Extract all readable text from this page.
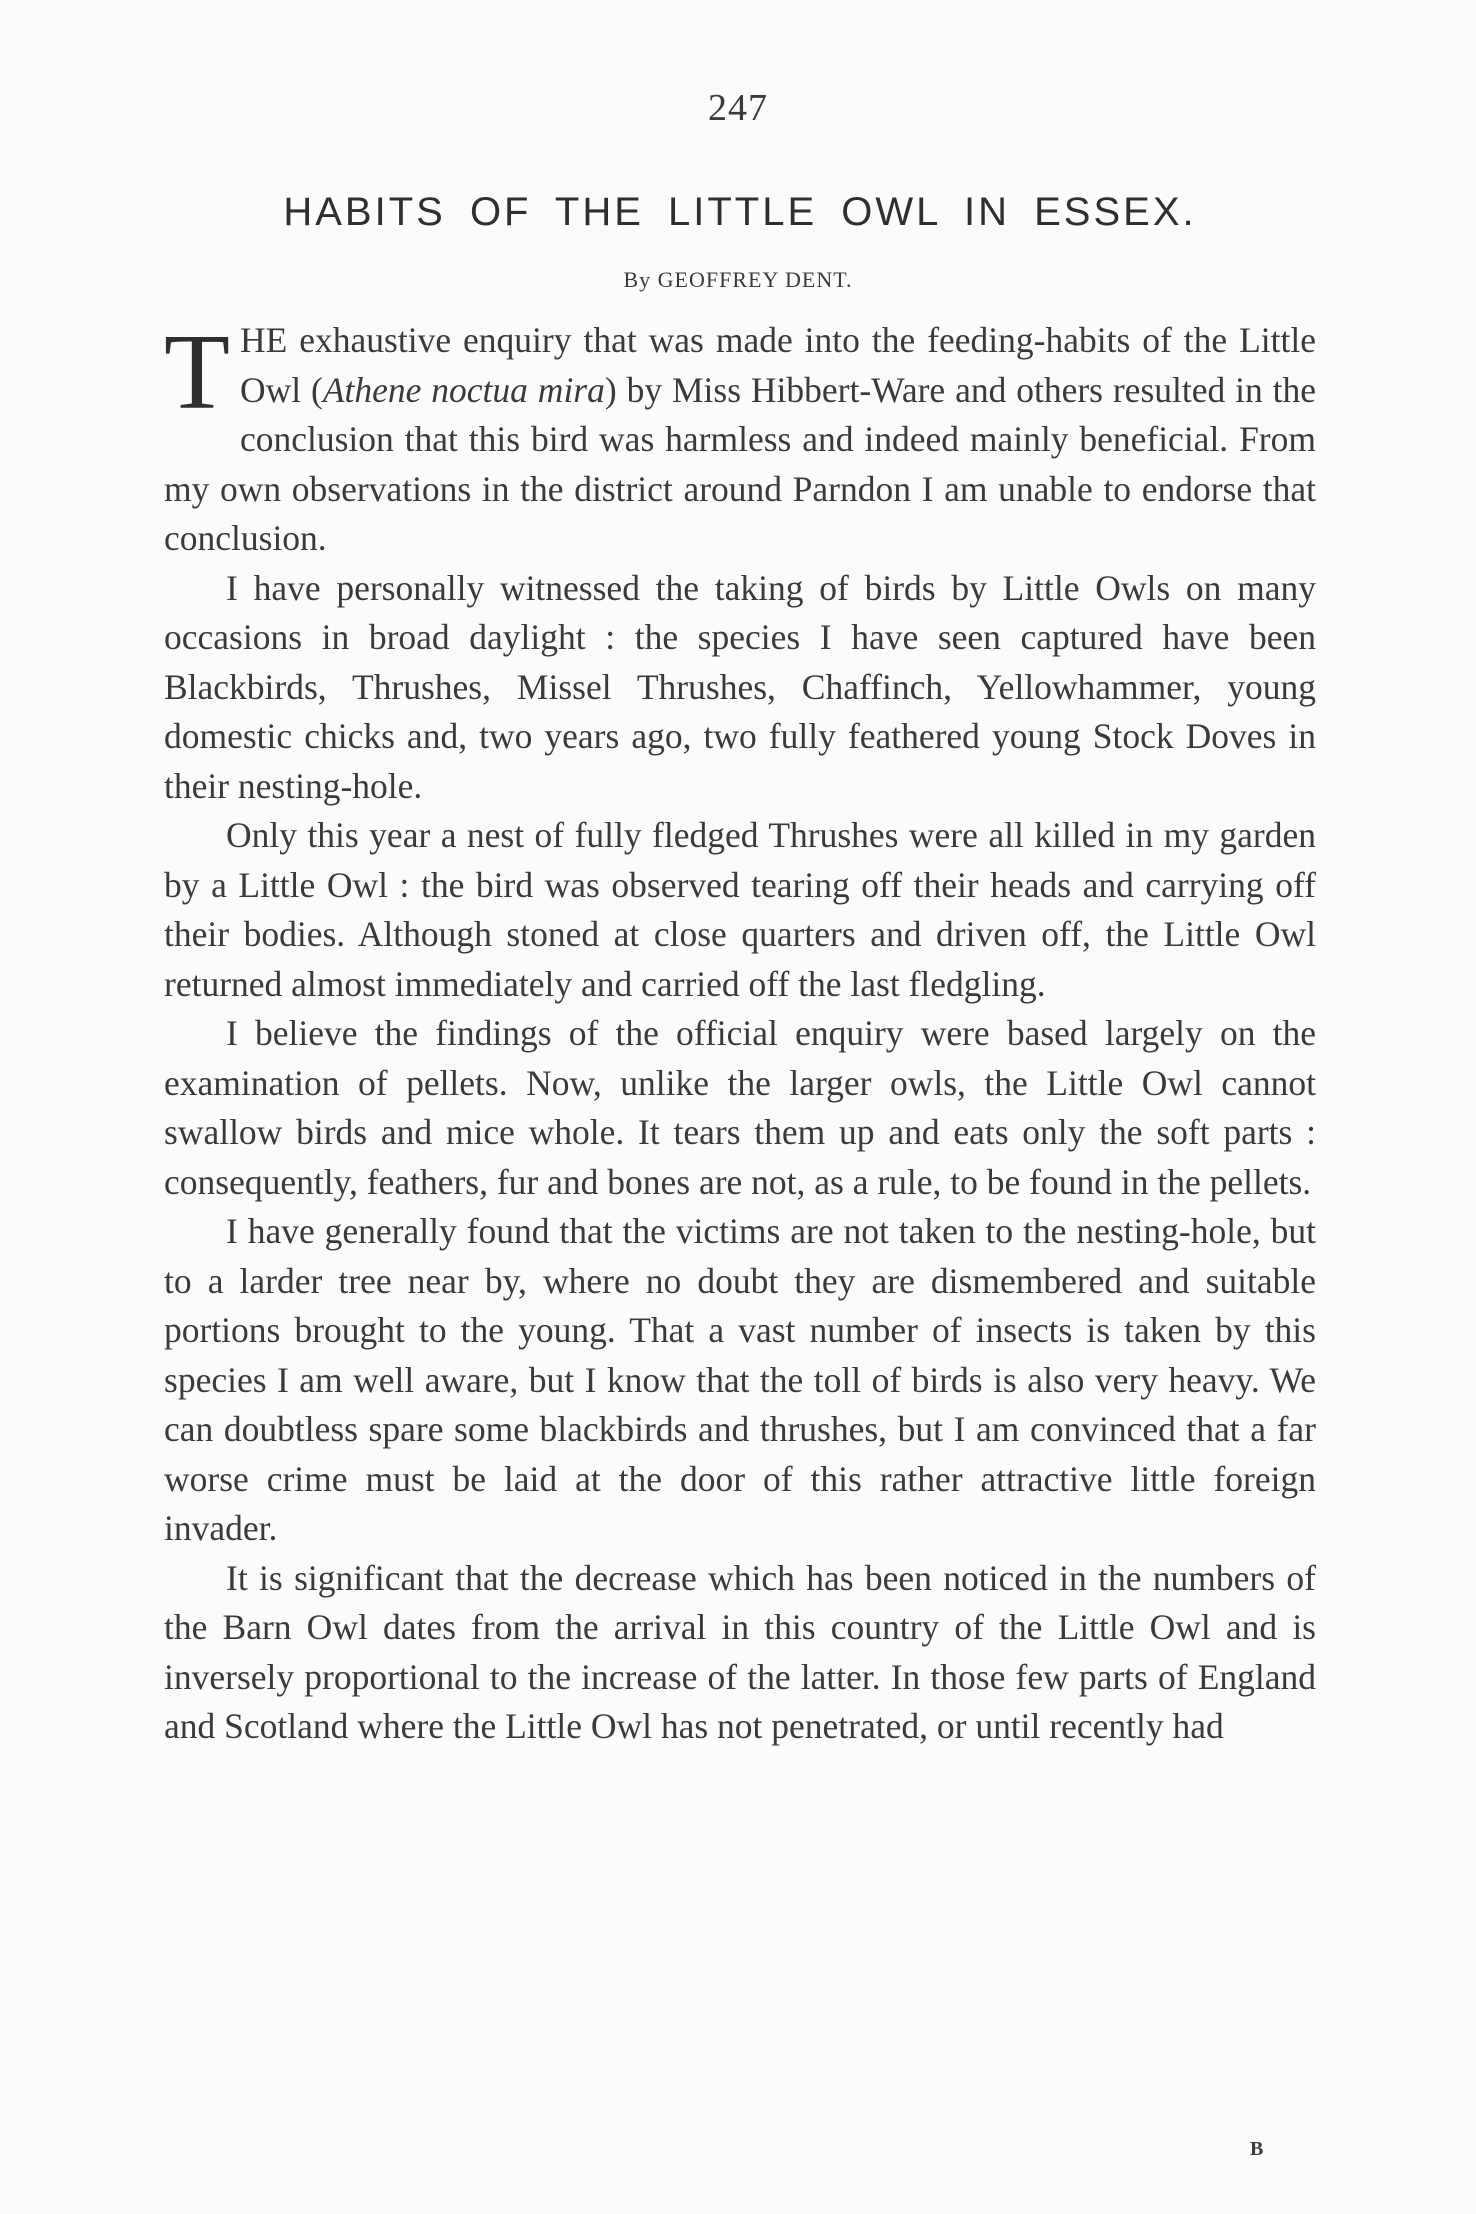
247
HABITS OF THE LITTLE OWL IN ESSEX.
By GEOFFREY DENT.

THE exhaustive enquiry that was made into the feeding-habits of the Little Owl (Athene noctua mira) by Miss Hibbert-Ware and others resulted in the conclusion that this bird was harmless and indeed mainly beneficial. From my own observations in the district around Parndon I am unable to endorse that conclusion.

I have personally witnessed the taking of birds by Little Owls on many occasions in broad daylight : the species I have seen captured have been Blackbirds, Thrushes, Missel Thrushes, Chaffinch, Yellowhammer, young domestic chicks and, two years ago, two fully feathered young Stock Doves in their nesting-hole.

Only this year a nest of fully fledged Thrushes were all killed in my garden by a Little Owl : the bird was observed tearing off their heads and carrying off their bodies. Although stoned at close quarters and driven off, the Little Owl returned almost immediately and carried off the last fledgling.

I believe the findings of the official enquiry were based largely on the examination of pellets. Now, unlike the larger owls, the Little Owl cannot swallow birds and mice whole. It tears them up and eats only the soft parts : consequently, feathers, fur and bones are not, as a rule, to be found in the pellets.

I have generally found that the victims are not taken to the nesting-hole, but to a larder tree near by, where no doubt they are dismembered and suitable portions brought to the young. That a vast number of insects is taken by this species I am well aware, but I know that the toll of birds is also very heavy. We can doubtless spare some blackbirds and thrushes, but I am convinced that a far worse crime must be laid at the door of this rather attractive little foreign invader.

It is significant that the decrease which has been noticed in the numbers of the Barn Owl dates from the arrival in this country of the Little Owl and is inversely proportional to the increase of the latter. In those few parts of England and Scotland where the Little Owl has not penetrated, or until recently had

B
